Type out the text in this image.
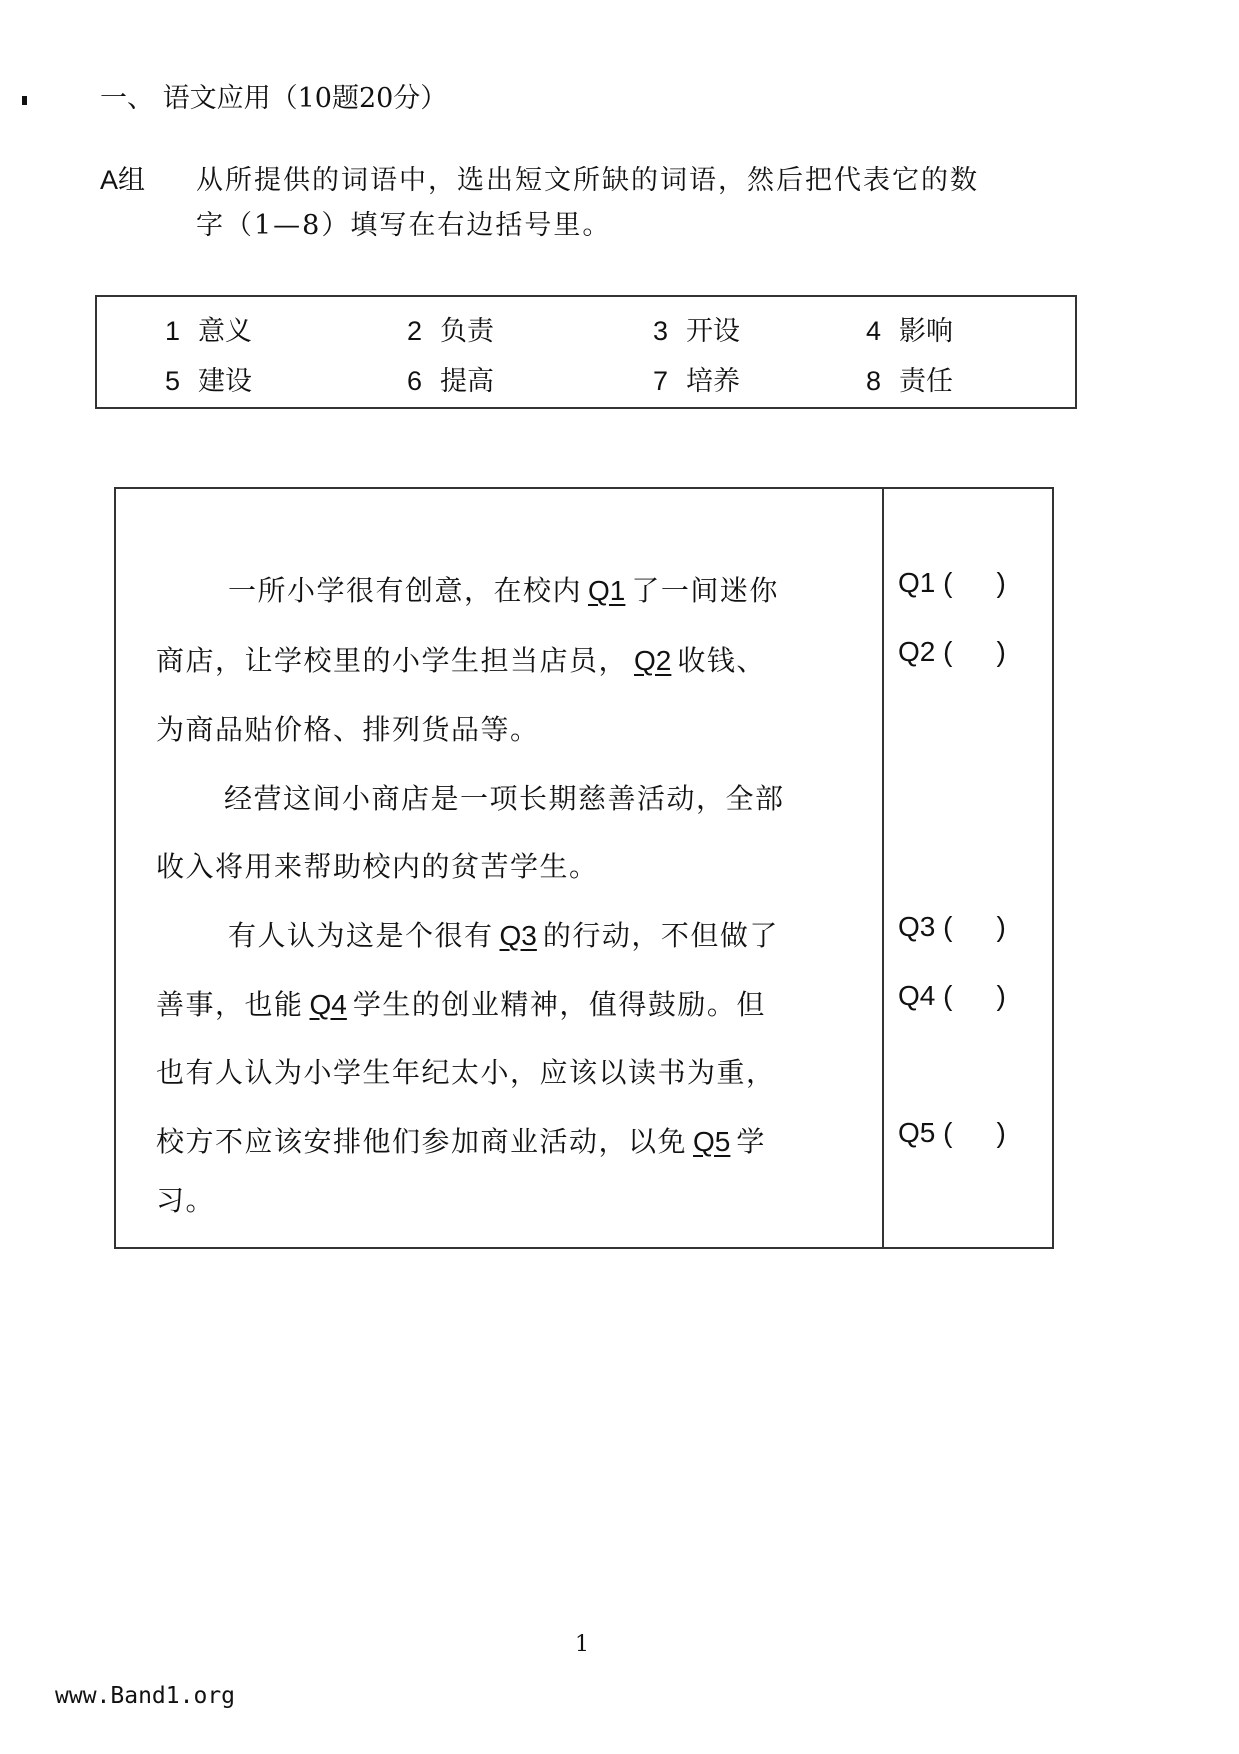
一、 语文应用（10题20分）
A组 从所提供的词语中，选出短文所缺的词语，然后把代表它的数
字（1—8）填写在右边括号里。
1 意义	2 负责	3 开设	4 影响
5 建设	6 提高	7 培养	8 责任
一所小学很有创意，在校内 Q1 了一间迷你
商店，让学校里的小学生担当店员， Q2 收钱、
为商品贴价格、排列货品等。
经营这间小商店是一项长期慈善活动，全部
收入将用来帮助校内的贫苦学生。
有人认为这是个很有 Q3 的行动，不但做了
善事，也能 Q4 学生的创业精神，值得鼓励。但
也有人认为小学生年纪太小，应该以读书为重，
校方不应该安排他们参加商业活动，以免 Q5 学
习。
Q1 ( )
Q2 ( )
Q3 ( )
Q4 ( )
Q5 ( )
1
www.Band1.org
